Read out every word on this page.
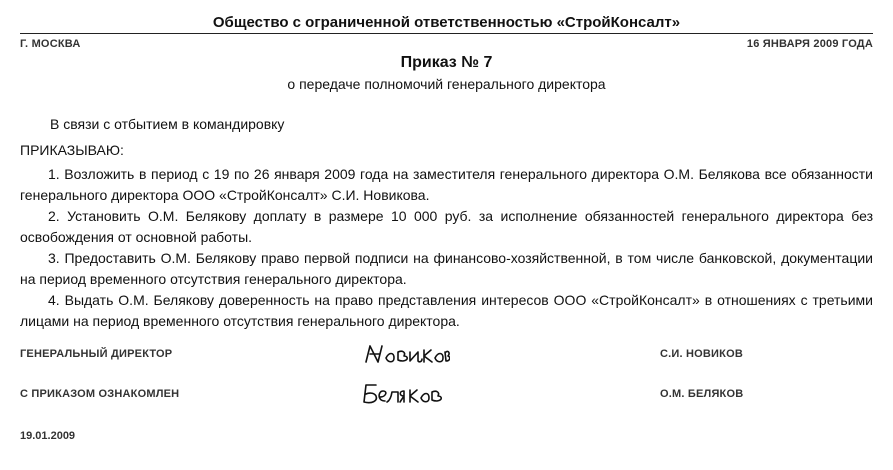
Общество с ограниченной ответственностью «СтройКонсалт»
Г. МОСКВА	16 ЯНВАРЯ 2009 ГОДА
Приказ № 7
о передаче полномочий генерального директора
В связи с отбытием в командировку
ПРИКАЗЫВАЮ:

1. Возложить в период с 19 по 26 января 2009 года на заместителя генерального директора О.М. Белякова все обязанности генерального директора ООО «СтройКонсалт» С.И. Новикова.

2. Установить О.М. Белякову доплату в размере 10 000 руб. за исполнение обязанностей генерального директора без освобождения от основной работы.

3. Предоставить О.М. Белякову право первой подписи на финансово-хозяйственной, в том числе банковской, документации на период временного отсутствия генерального директора.

4. Выдать О.М. Белякову доверенность на право представления интересов ООО «СтройКонсалт» в отношениях с третьими лицами на период временного отсутствия генерального директора.

ГЕНЕРАЛЬНЫЙ ДИРЕКТОР	С.И. НОВИКОВ
С ПРИКАЗОМ ОЗНАКОМЛЕН	О.М. БЕЛЯКОВ
19.01.2009
